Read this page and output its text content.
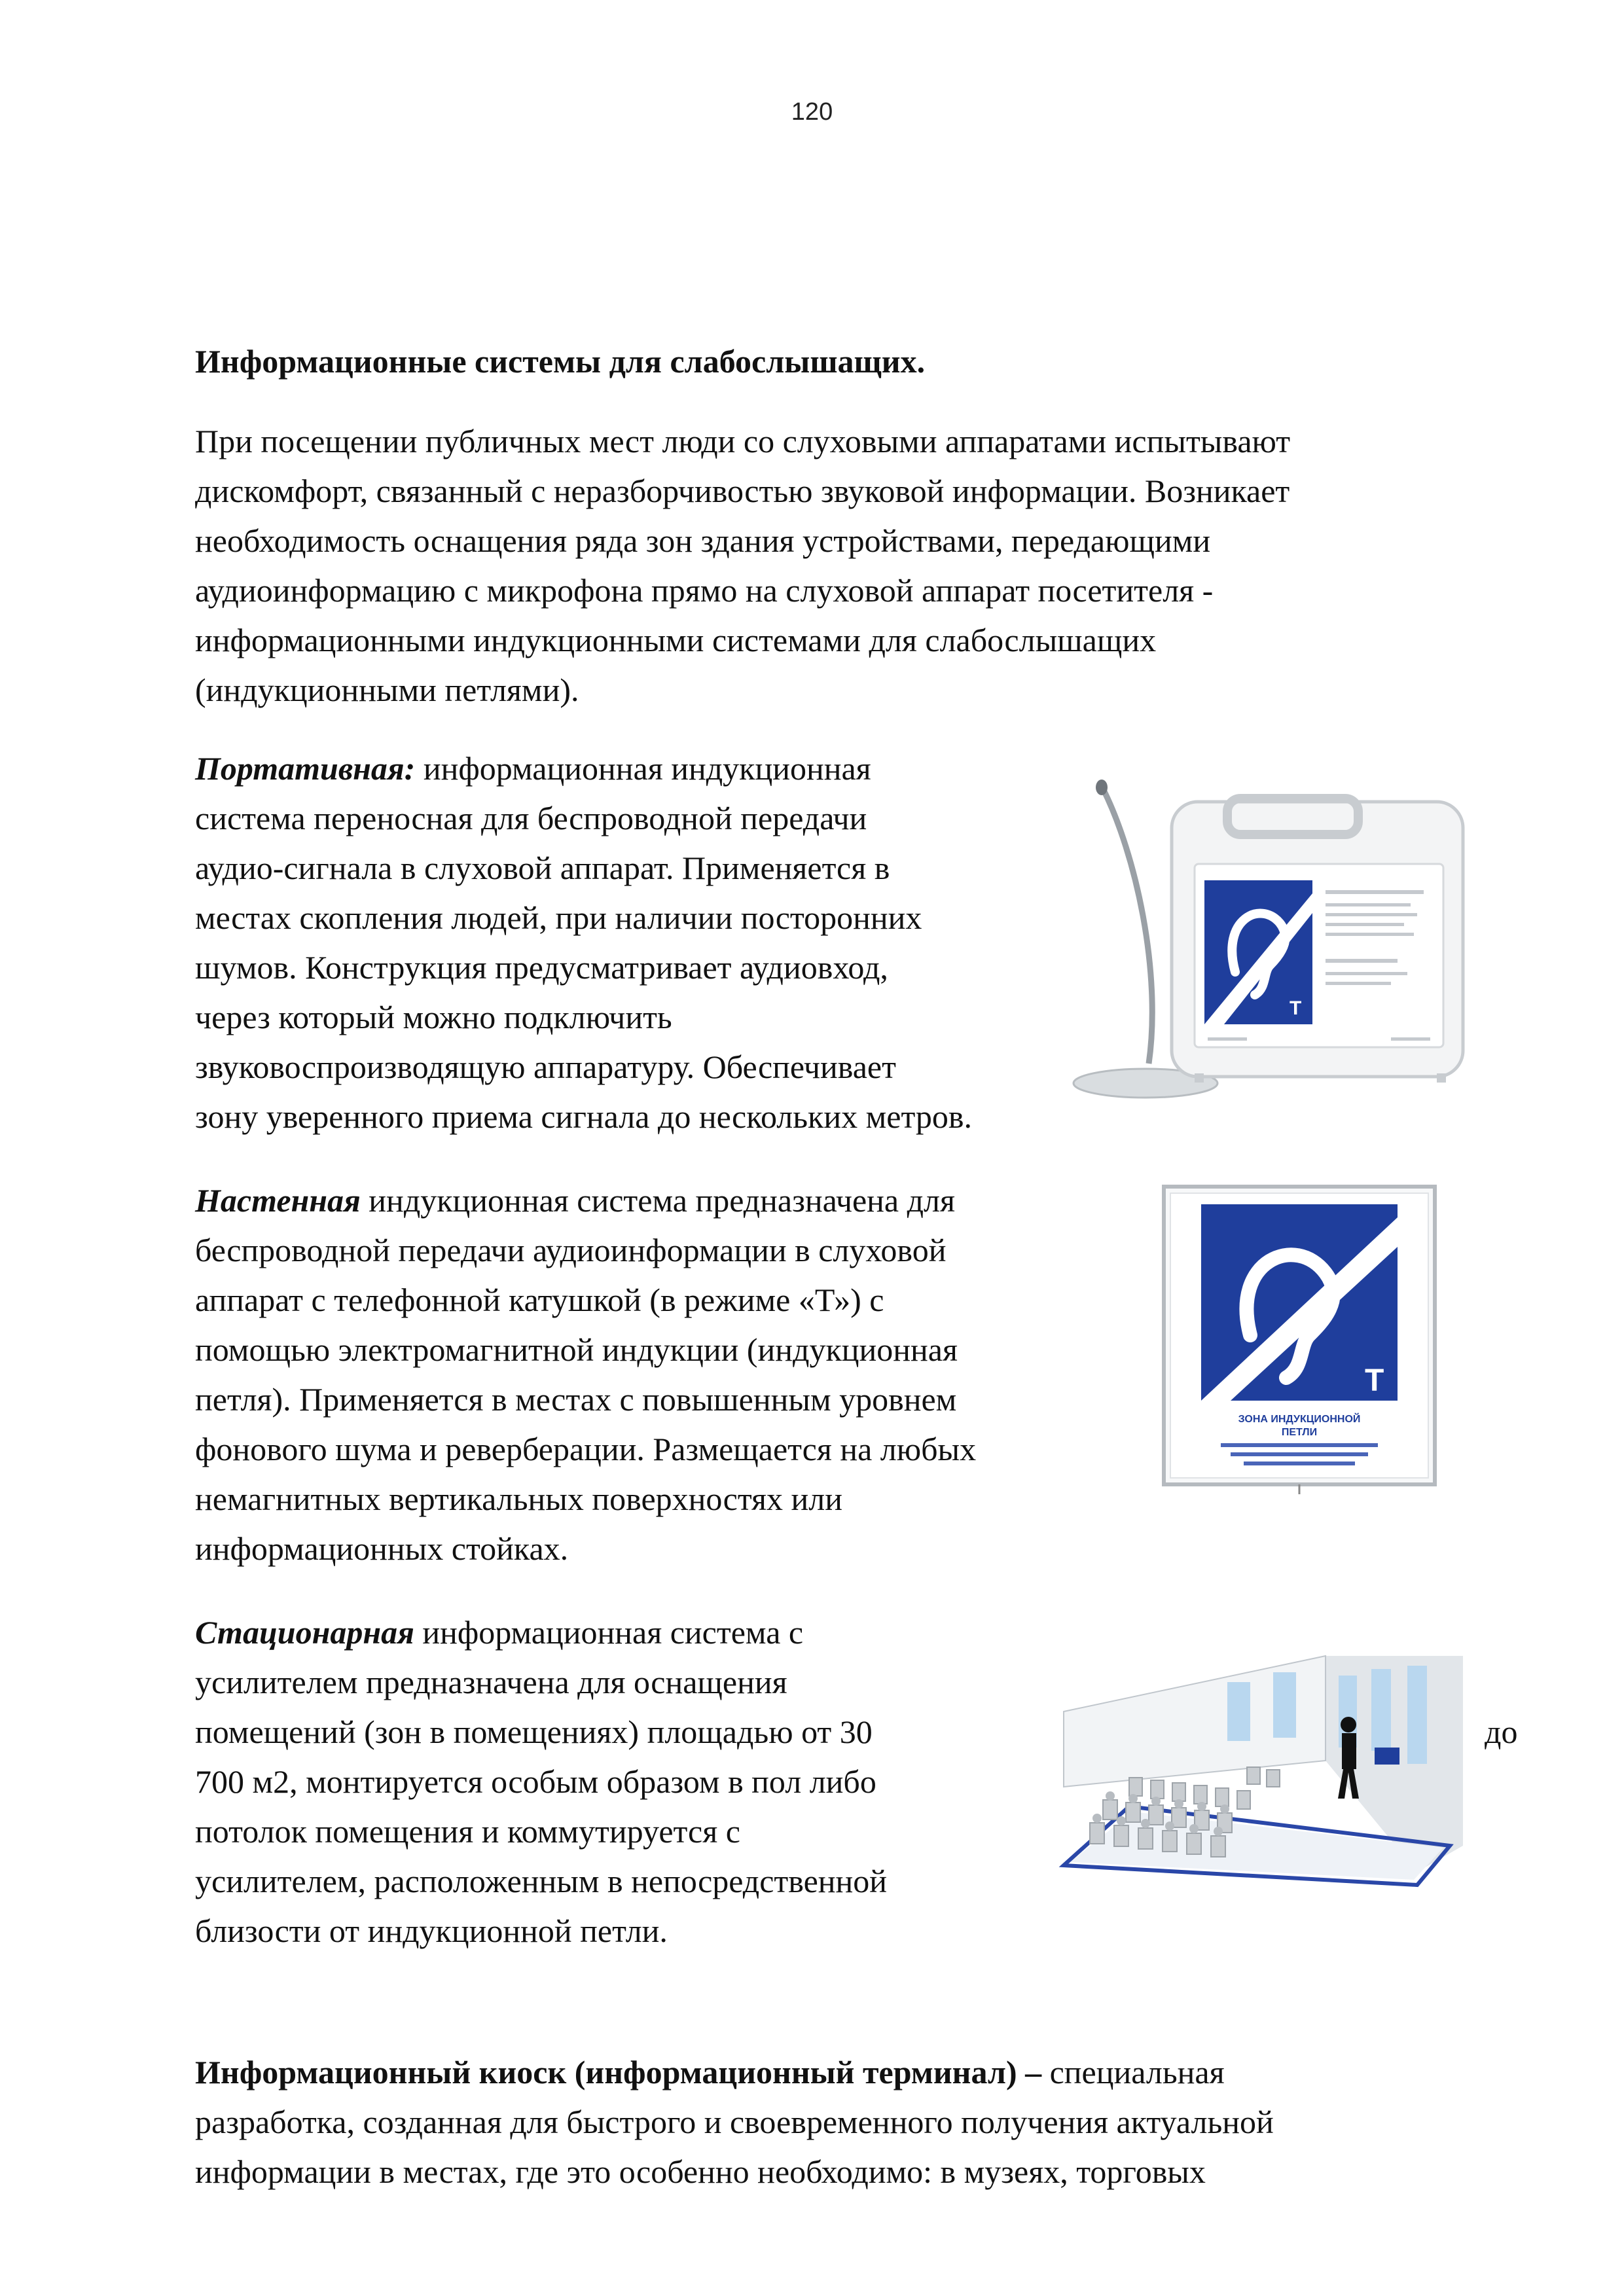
120
Информационные системы для слабослышащих.
При посещении публичных мест люди со слуховыми аппаратами испытывают
дискомфорт, связанный с неразборчивостью звуковой информации. Возникает
необходимость оснащения ряда зон здания устройствами, передающими
аудиоинформацию с микрофона прямо на слуховой аппарат посетителя -
информационными индукционными системами для слабослышащих
(индукционными петлями).
Портативная: информационная индукционная
система переносная для беспроводной передачи
аудио-сигнала в слуховой аппарат. Применяется в
местах скопления людей, при наличии посторонних
шумов. Конструкция предусматривает аудиовход,
через который можно подключить
звуковоспроизводящую аппаратуру. Обеспечивает
зону уверенного приема сигнала до нескольких метров.
T
Настенная индукционная система предназначена для
беспроводной передачи аудиоинформации в слуховой
аппарат с телефонной катушкой (в режиме «Т») с
помощью электромагнитной индукции (индукционная
петля). Применяется в местах с повышенным уровнем
фонового шума и реверберации. Размещается на любых
немагнитных вертикальных поверхностях или
информационных стойках.
T
ЗОНА ИНДУКЦИОННОЙ
ПЕТЛИ
Стационарная информационная система с
усилителем предназначена для оснащения
помещений (зон в помещениях) площадью от 30
700 м2, монтируется особым образом в пол либо
потолок помещения и коммутируется с
усилителем, расположенным в непосредственной
близости от индукционной петли.
до
Информационный киоск (информационный терминал) – специальная
разработка, созданная для быстрого и своевременного получения актуальной
информации в местах, где это особенно необходимо: в музеях, торговых
